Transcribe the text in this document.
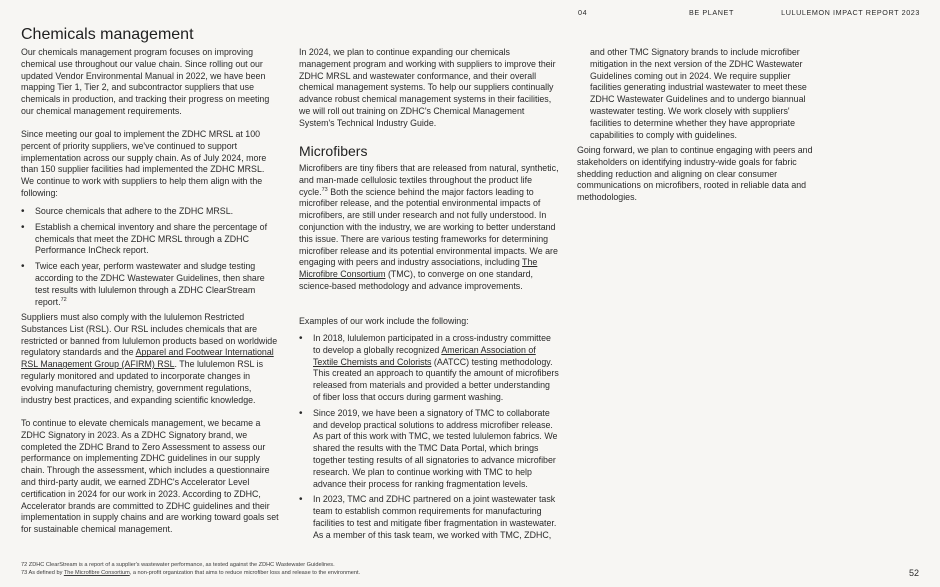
04	BE PLANET	LULULEMON IMPACT REPORT 2023
Chemicals management

Our chemicals management program focuses on improving chemical use throughout our value chain. Since rolling out our updated Vendor Environmental Manual in 2022, we have been mapping Tier 1, Tier 2, and subcontractor suppliers that use chemicals in production, and tracking their progress on meeting our chemical management requirements.

Since meeting our goal to implement the ZDHC MRSL at 100 percent of priority suppliers, we've continued to support implementation across our supply chain. As of July 2024, more than 150 supplier facilities had implemented the ZDHC MRSL. We continue to work with suppliers to help them align with the following:

• Source chemicals that adhere to the ZDHC MRSL.
• Establish a chemical inventory and share the percentage of chemicals that meet the ZDHC MRSL through a ZDHC Performance InCheck report.
• Twice each year, perform wastewater and sludge testing according to the ZDHC Wastewater Guidelines, then share test results with lululemon through a ZDHC ClearStream report.$^{72}$

Suppliers must also comply with the lululemon Restricted Substances List (RSL). Our RSL includes chemicals that are restricted or banned from lululemon products based on worldwide regulatory standards and the Apparel and Footwear International RSL Management Group (AFIRM) RSL. The lululemon RSL is regularly monitored and updated to incorporate changes in evolving manufacturing chemistry, government regulations, industry best practices, and expanding scientific knowledge.

To continue to elevate chemicals management, we became a ZDHC Signatory in 2023. As a ZDHC Signatory brand, we completed the ZDHC Brand to Zero Assessment to assess our performance on implementing ZDHC guidelines in our supply chain. Through the assessment, which includes a questionnaire and third-party audit, we earned ZDHC's Accelerator Level certification in 2024 for our work in 2023. According to ZDHC, Accelerator brands are committed to ZDHC guidelines and their implementation in supply chains and are working toward goals set for sustainable chemical management.

In 2024, we plan to continue expanding our chemicals management program and working with suppliers to improve their ZDHC MRSL and wastewater conformance, and their overall chemical management systems. To help our suppliers continually advance robust chemical management systems in their facilities, we will roll out training on ZDHC's Chemical Management System's Technical Industry Guide.

Microfibers

Microfibers are tiny fibers that are released from natural, synthetic, and man-made cellulosic textiles throughout the product life cycle.$^{73}$ Both the science behind the major factors leading to microfiber release, and the potential environmental impacts of microfibers, are still under research and not fully understood. In conjunction with the industry, we are working to better understand this issue. There are various testing frameworks for determining microfiber release and its potential environmental impacts. We are engaging with peers and industry associations, including The Microfibre Consortium (TMC), to converge on one standard, science-based methodology and advance improvements.

Examples of our work include the following:

• In 2018, lululemon participated in a cross-industry committee to develop a globally recognized American Association of Textile Chemists and Colorists (AATCC) testing methodology. This created an approach to quantify the amount of microfibers released from materials and provided a better understanding of fiber loss that occurs during garment washing.
• Since 2019, we have been a signatory of TMC to collaborate and develop practical solutions to address microfiber release. As part of this work with TMC, we tested lululemon fabrics. We shared the results with the TMC Data Portal, which brings together testing results of all signatories to advance microfiber research. We plan to continue working with TMC to help advance their process for ranking fragmentation levels.
• In 2023, TMC and ZDHC partnered on a joint wastewater task team to establish common requirements for manufacturing facilities to test and mitigate fiber fragmentation in wastewater. As a member of this task team, we worked with TMC, ZDHC,

and other TMC Signatory brands to include microfiber mitigation in the next version of the ZDHC Wastewater Guidelines coming out in 2024. We require supplier facilities generating industrial wastewater to meet these ZDHC Wastewater Guidelines and to undergo biannual wastewater testing. We work closely with suppliers' facilities to determine whether they have appropriate capabilities to comply with guidelines.

Going forward, we plan to continue engaging with peers and stakeholders on identifying industry-wide goals for fabric shedding reduction and aligning on clear consumer communications on microfibers, rooted in reliable data and methodologies.

72 ZDHC ClearStream is a report of a supplier's wastewater performance, as tested against the ZDHC Wastewater Guidelines.
73 As defined by The Microfibre Consortium, a non-profit organization that aims to reduce microfiber loss and release to the environment.	52
